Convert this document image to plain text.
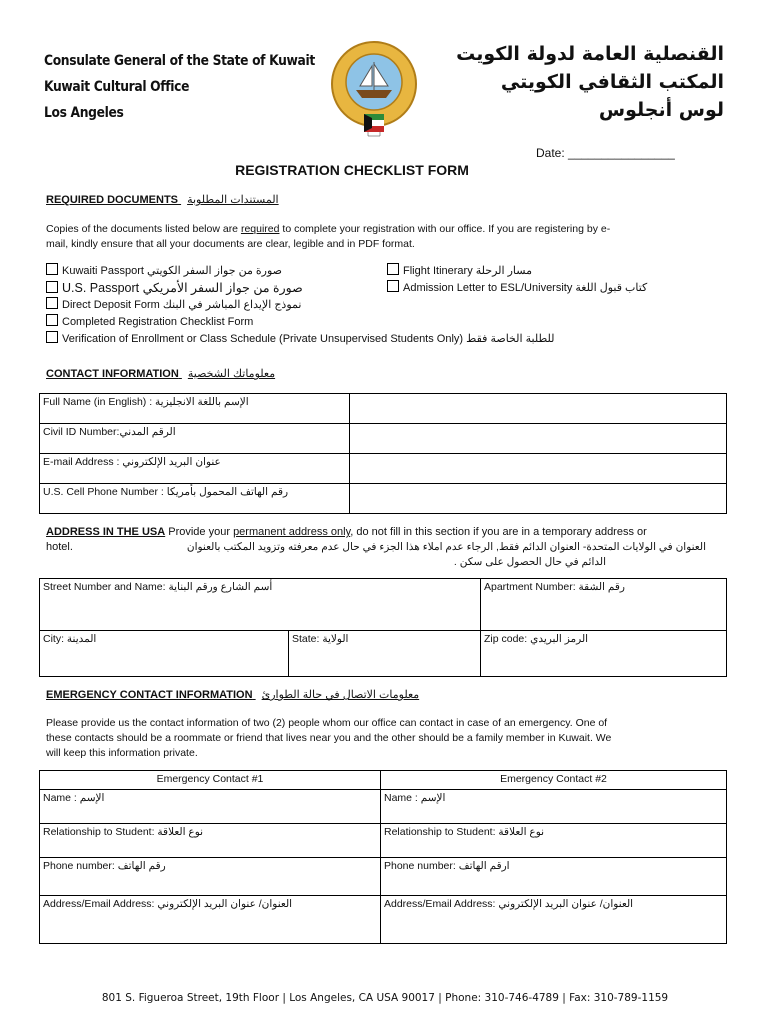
Consulate General of the State of Kuwait
Kuwait Cultural Office
Los Angeles
القنصلية العامة لدولة الكويت
المكتب الثقافي الكويتي
لوس أنجلوس
Date: ________________
REGISTRATION CHECKLIST FORM
REQUIRED DOCUMENTS المستندات المطلوبة
Copies of the documents listed below are required to complete your registration with our office. If you are registering by e-
mail, kindly ensure that all your documents are clear, legible and in PDF format.
Kuwaiti Passport صورة من جواز السفر الكويتي
U.S. Passport صورة من جواز السفر الأمريكي
Direct Deposit Form نموذج الإيداع المباشر في البنك
Completed Registration Checklist Form
Verification of Enrollment or Class Schedule (Private Unsupervised Students Only) للطلبة الخاصة فقط
Flight Itinerary مسار الرحلة
Admission Letter to ESL/University كتاب قبول اللغة
CONTACT INFORMATION معلوماتك الشخصية
Full Name (in English) : الإسم باللغة الانجليزية	
Civil ID Number:الرقم المدني	
E-mail Address : عنوان البريد الإلكتروني	
U.S. Cell Phone Number : رقم الهاتف المحمول بأمريكا	
ADDRESS IN THE USA Provide your permanent address only, do not fill in this section if you are in a temporary address or
hotel.	العنوان في الولايات المتحدة- العنوان الدائم فقط, الرجاء عدم املاء هذا الجزء في حال عدم معرفته وتزويد المكتب بالعنوان
الدائم في حال الحصول على سكن .
Street Number and Name: أسم الشارع ورقم البناية		Apartment Number: رقم الشقة
City: المدينة	State: الولاية	Zip code: الرمز البريدي
EMERGENCY CONTACT INFORMATION معلومات الاتصال في حالة الطوارئ
Please provide us the contact information of two (2) people whom our office can contact in case of an emergency. One of
these contacts should be a roommate or friend that lives near you and the other should be a family member in Kuwait. We
will keep this information private.
Emergency Contact #1	Emergency Contact #2
Name : الإسم	Name : الإسم
Relationship to Student: نوع العلاقة	Relationship to Student: نوع العلاقة
Phone number: رقم الهاتف	Phone number: ارقم الهاتف
Address/Email Address: العنوان/ عنوان البريد الإلكتروني	Address/Email Address: العنوان/ عنوان البريد الإلكتروني
801 S. Figueroa Street, 19th Floor | Los Angeles, CA USA 90017 | Phone: 310-746-4789 | Fax: 310-789-1159
